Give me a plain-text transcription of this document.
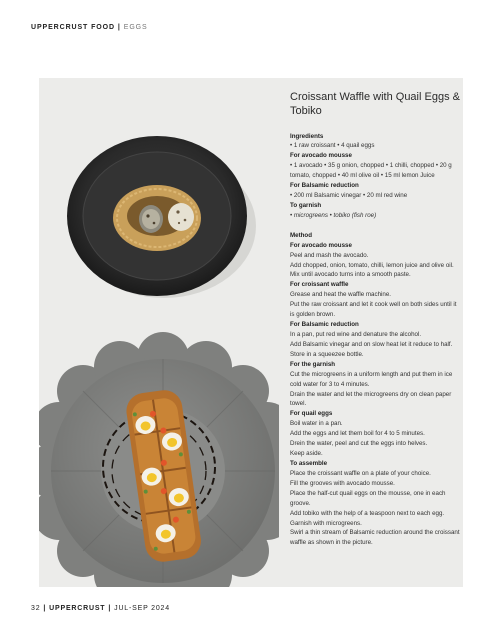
UPPERCRUST FOOD | EGGS
Croissant Waffle with Quail Eggs & Tobiko
Ingredients
• 1 raw croissant • 4 quail eggs
For avocado mousse
• 1 avocado • 35 g onion, chopped • 1 chilli, chopped • 20 g tomato, chopped • 40 ml olive oil • 15 ml lemon Juice
For Balsamic reduction
• 200 ml Balsamic vinegar • 20 ml red wine
To garnish
• microgreens • tobiko (fish roe)
Method
For avocado mousse
Peel and mash the avocado.
Add chopped, onion, tomato, chilli, lemon juice and olive oil.
Mix until avocado turns into a smooth paste.
For croissant waffle
Grease and heat the waffle machine.
Put the raw croissant and let it cook well on both sides until it is golden brown.
For Balsamic reduction
In a pan, put red wine and denature the alcohol.
Add Balsamic vinegar and on slow heat let it reduce to half. Store in a squeezee bottle.
For the garnish
Cut the microgreens in a uniform length and put them in ice cold water for 3 to 4 minutes.
Drain the water and let the microgreens dry on clean paper towel.
For quail eggs
Boil water in a pan.
Add the eggs and let them boil for 4 to 5 minutes.
Drein the water, peel and cut the eggs into helves.
Keep aside.
To assemble
Place the croissant waffle on a plate of your choice.
Fill the grooves with avocado mousse.
Place the half-cut quail eggs on the mousse, one in each groove.
Add tobiko with the help of a teaspoon next to each egg.
Garnish with microgreens.
Swirl a thin stream of Balsamic reduction around the croissant waffle as shown in the picture.
32 | UPPERCRUST | JUL-SEP 2024
